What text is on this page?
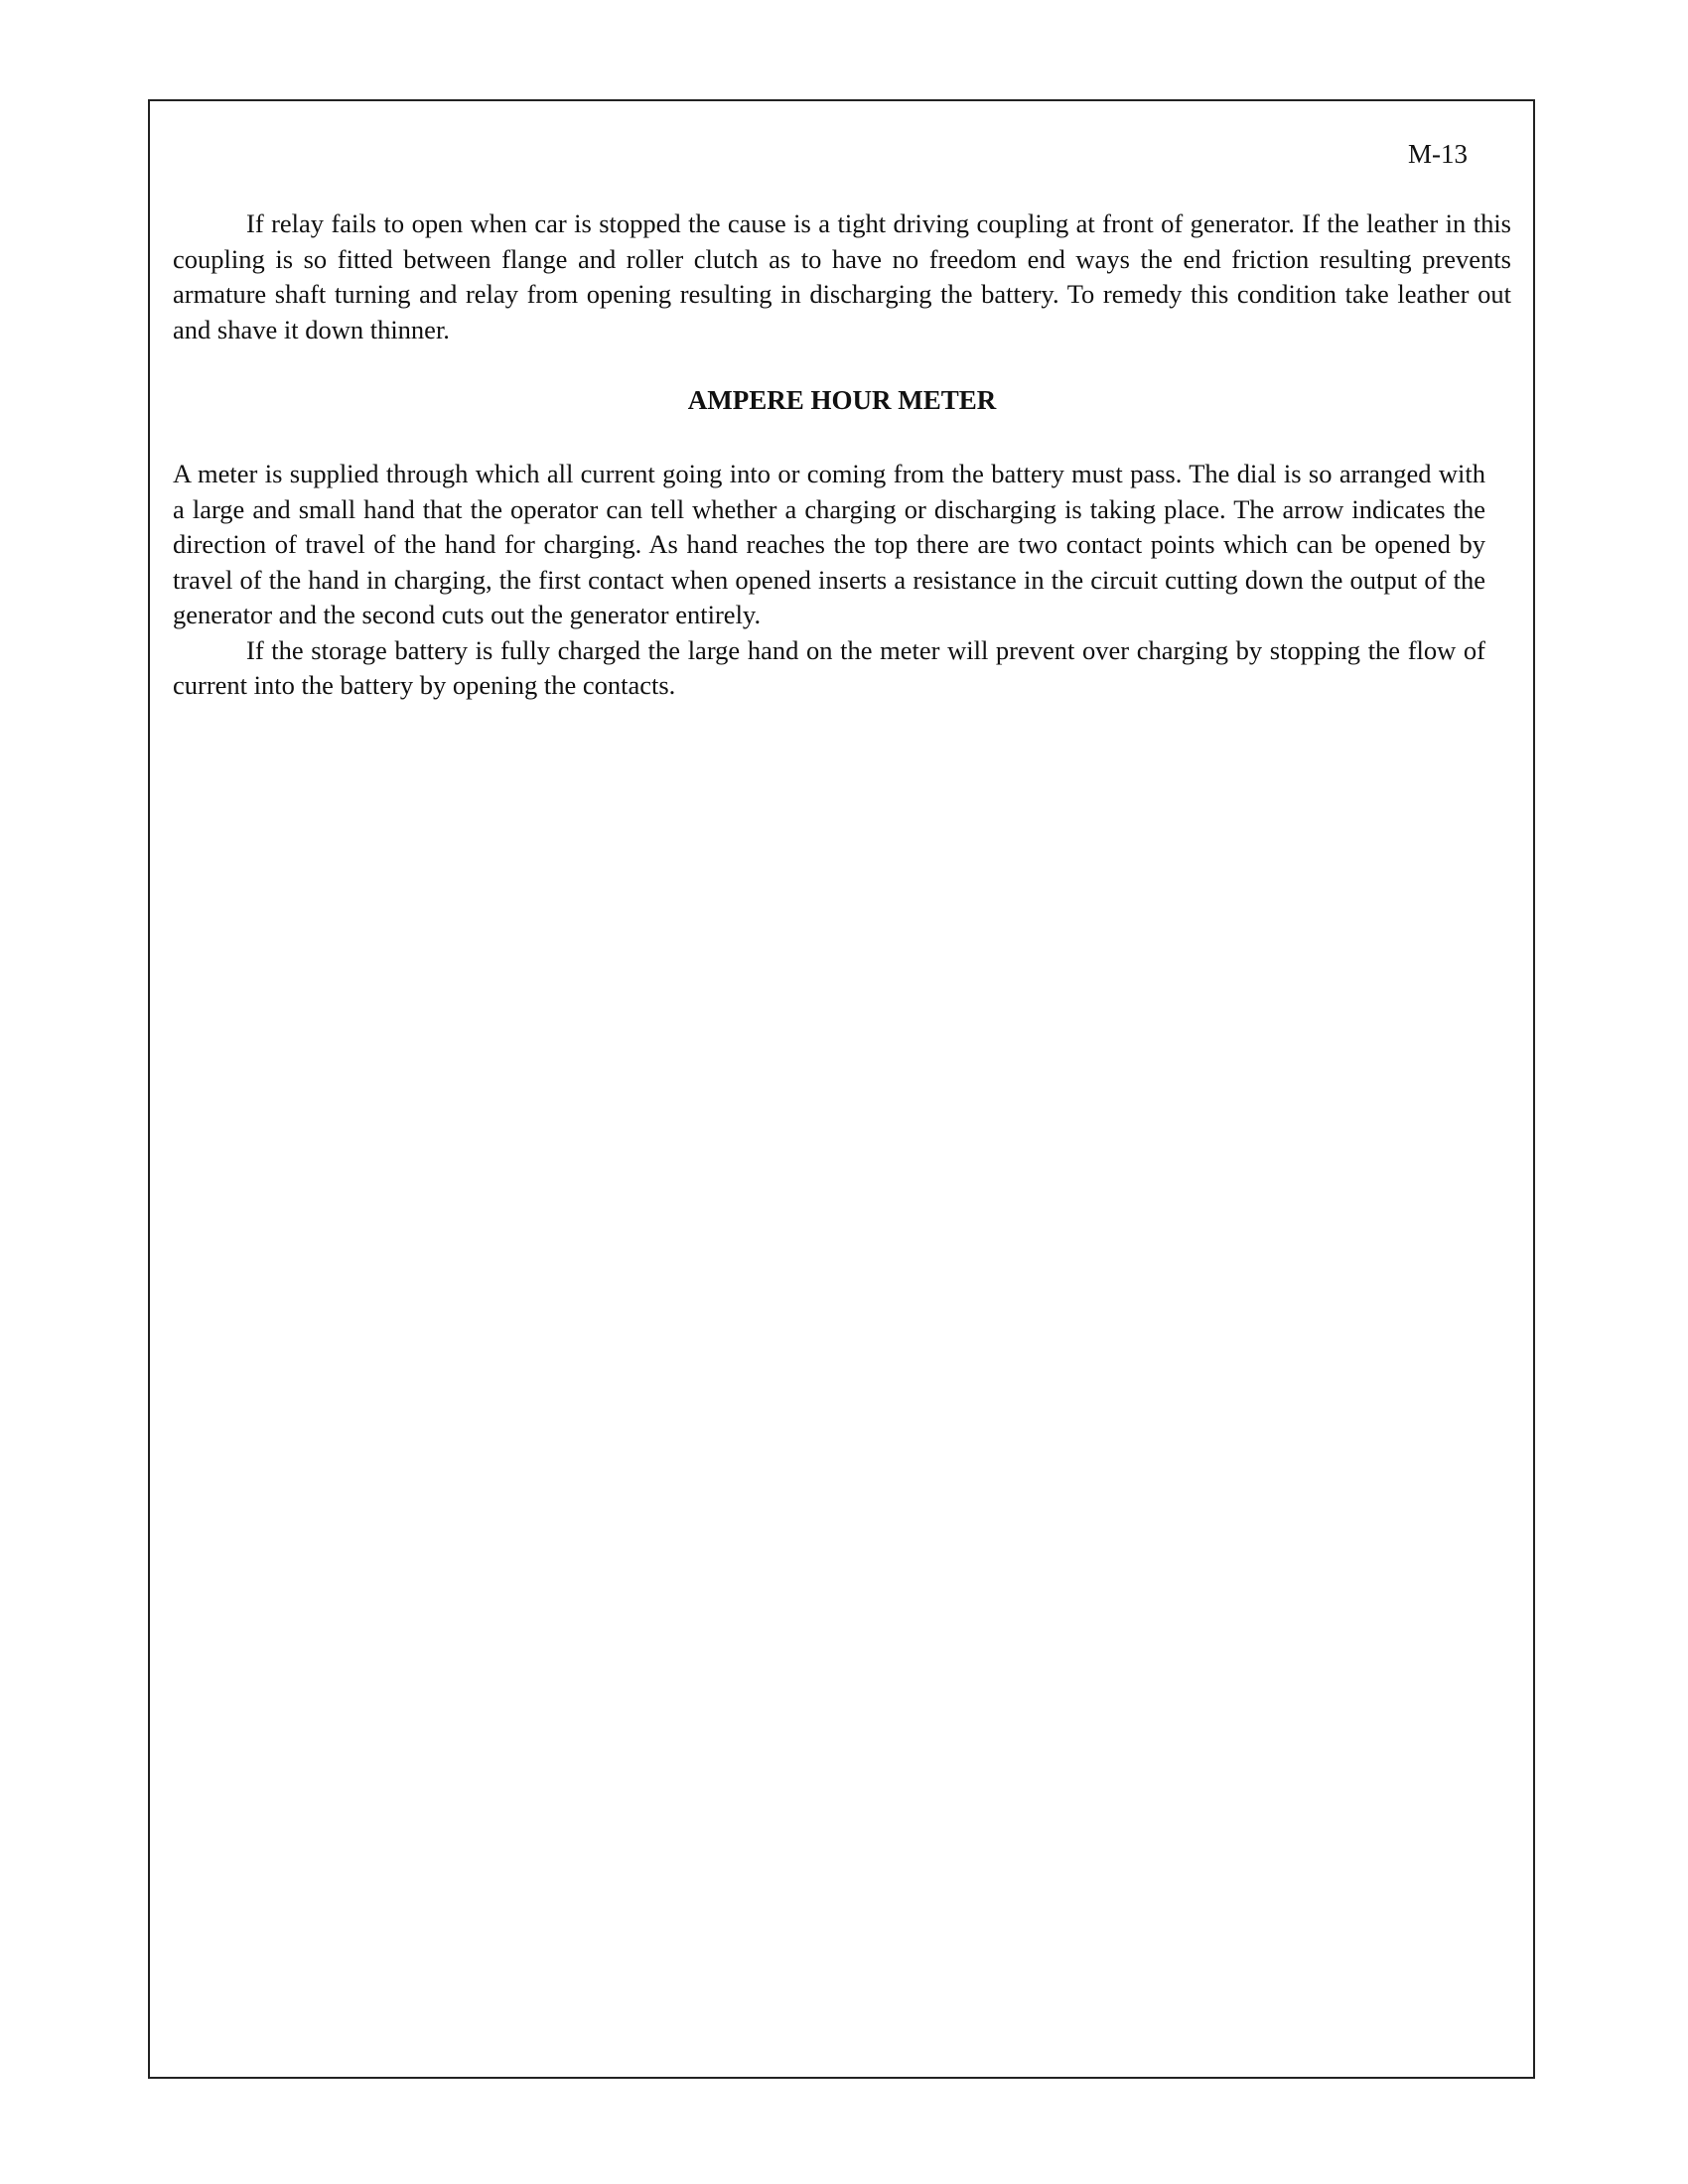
M-13

If relay fails to open when car is stopped the cause is a tight driving coupling at front of generator. If the leather in this coupling is so fitted between flange and roller clutch as to have no freedom end ways the end friction resulting prevents armature shaft turning and relay from opening resulting in discharging the battery. To remedy this condition take leather out and shave it down thinner.

AMPERE HOUR METER

A meter is supplied through which all current going into or coming from the battery must pass. The dial is so arranged with a large and small hand that the operator can tell whether a charging or discharging is taking place. The arrow indicates the direction of travel of the hand for charging. As hand reaches the top there are two contact points which can be opened by travel of the hand in charging, the first contact when opened inserts a resistance in the circuit cutting down the output of the generator and the second cuts out the generator entirely.

If the storage battery is fully charged the large hand on the meter will prevent over charging by stopping the flow of current into the battery by opening the contacts.
